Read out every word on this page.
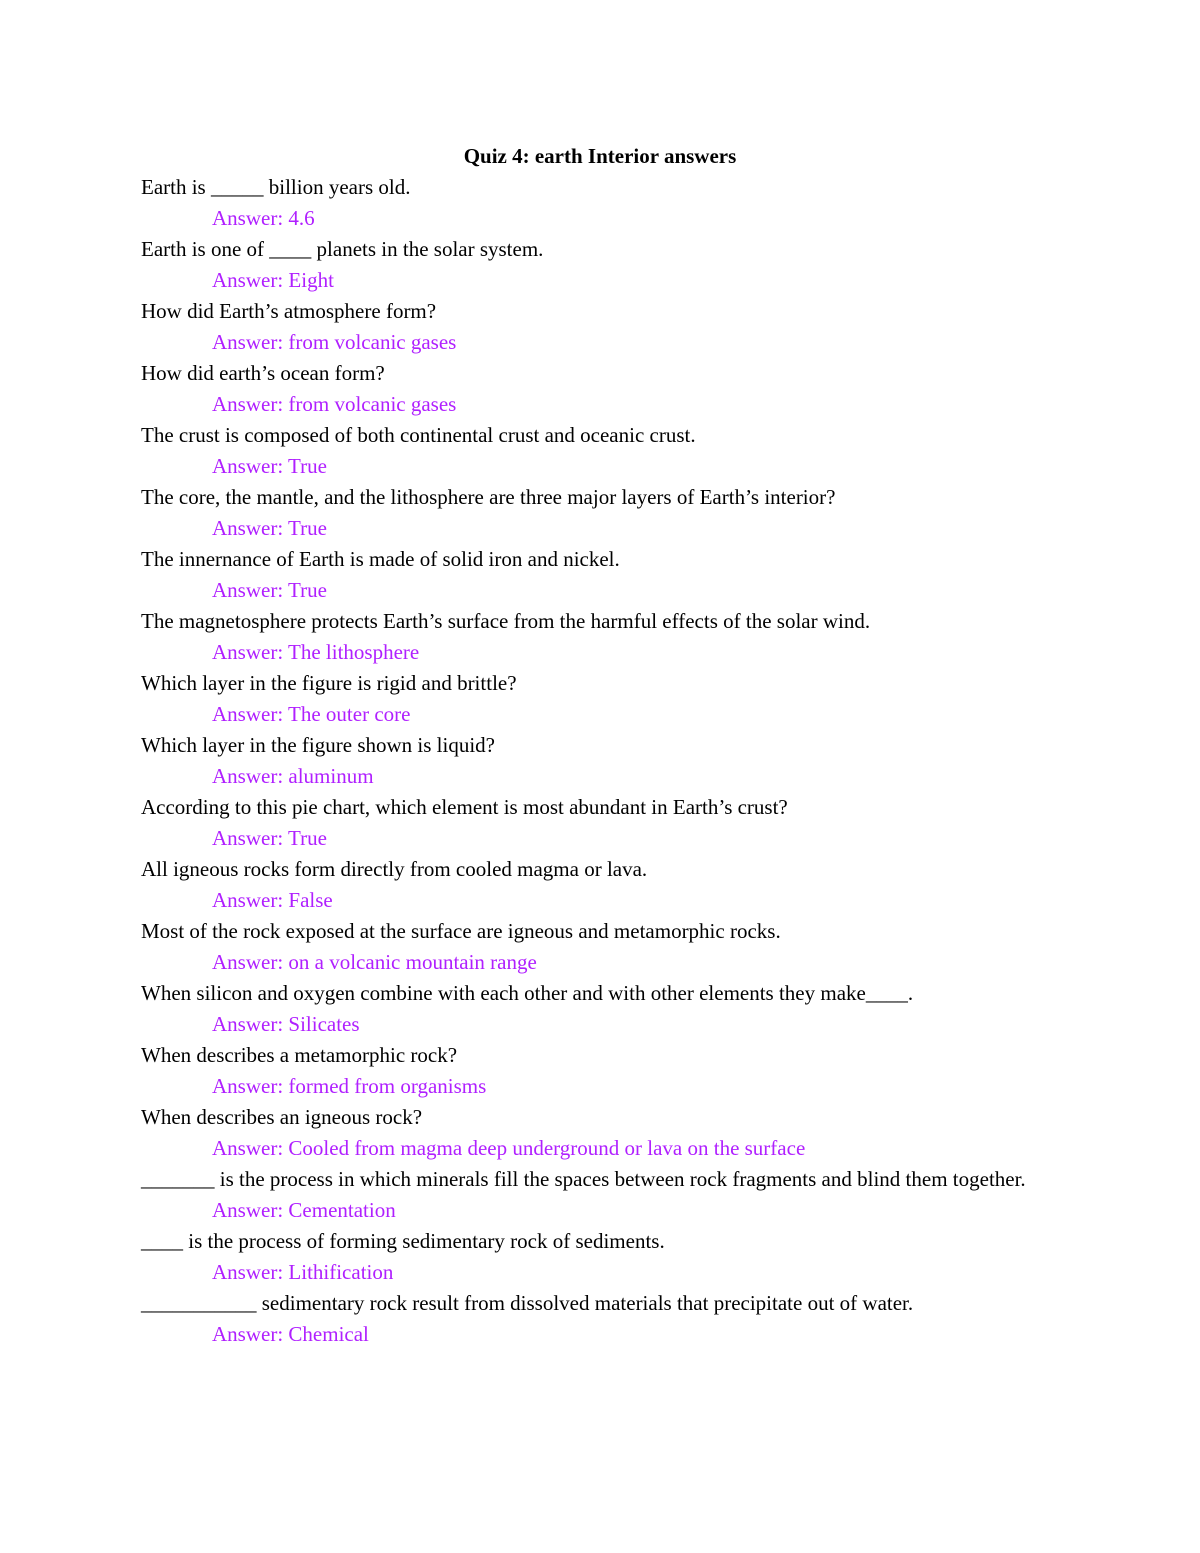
Quiz 4: earth Interior answers

Earth is _____ billion years old.

Answer: 4.6

Earth is one of ____ planets in the solar system.

Answer: Eight

How did Earth’s atmosphere form?

Answer: from volcanic gases

How did earth’s ocean form?

Answer: from volcanic gases

The crust is composed of both continental crust and oceanic crust.

Answer: True

The core, the mantle, and the lithosphere are three major layers of Earth’s interior?

Answer: True

The innernance of Earth is made of solid iron and nickel.

Answer: True

The magnetosphere protects Earth’s surface from the harmful effects of the solar wind.

Answer: The lithosphere

Which layer in the figure is rigid and brittle?

Answer: The outer core

Which layer in the figure shown is liquid?

Answer: aluminum

According to this pie chart, which element is most abundant in Earth’s crust?

Answer: True

All igneous rocks form directly from cooled magma or lava.

Answer: False

Most of the rock exposed at the surface are igneous and metamorphic rocks.

Answer: on a volcanic mountain range

When silicon and oxygen combine with each other and with other elements they make____.

Answer: Silicates

When describes a metamorphic rock?

Answer: formed from organisms

When describes an igneous rock?

Answer: Cooled from magma deep underground or lava on the surface

_______ is the process in which minerals fill the spaces between rock fragments and blind them together.

Answer: Cementation

____ is the process of forming sedimentary rock of sediments.

Answer: Lithification

___________ sedimentary rock result from dissolved materials that precipitate out of water.

Answer: Chemical
